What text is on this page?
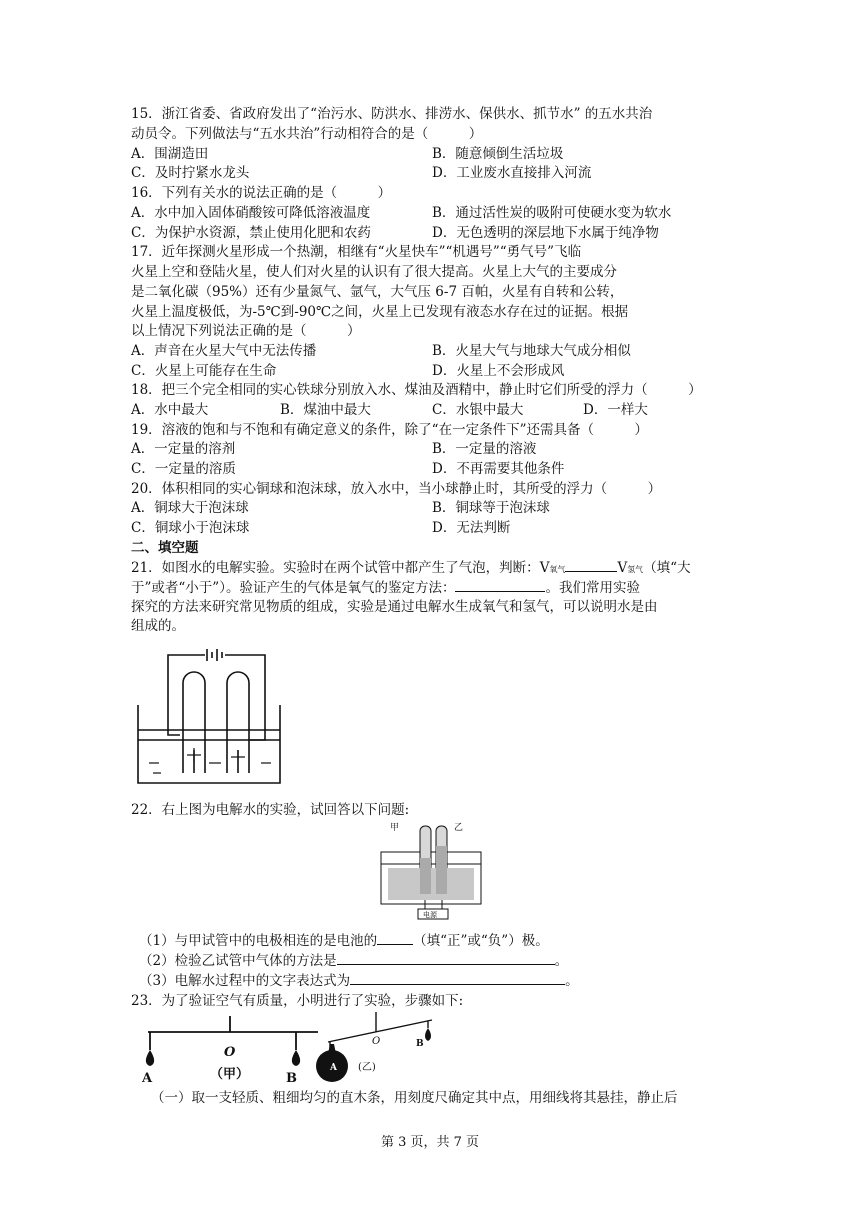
15．浙江省委、省政府发出了“治污水、防洪水、排涝水、保供水、抓节水” 的五水共治
动员令。下列做法与“五水共治”行动相符合的是（　　　）
A．围湖造田	B．随意倾倒生活垃圾
C．及时拧紧水龙头	D．工业废水直接排入河流
16．下列有关水的说法正确的是（　　　）
A．水中加入固体硝酸铵可降低溶液温度	B．通过活性炭的吸附可使硬水变为软水
C．为保护水资源，禁止使用化肥和农药	D．无色透明的深层地下水属于纯净物
17．近年探测火星形成一个热潮，相继有“火星快车”“机遇号”“勇气号”飞临
火星上空和登陆火星，使人们对火星的认识有了很大提高。火星上大气的主要成分
是二氧化碳（95%）还有少量氮气、氩气，大气压 6-7 百帕，火星有自转和公转，
火星上温度极低，为-5℃到-90℃之间，火星上已发现有液态水存在过的证据。根据
以上情况下列说法正确的是（　　　）
A．声音在火星大气中无法传播	B．火星大气与地球大气成分相似
C．火星上可能存在生命	D．火星上不会形成风
18．把三个完全相同的实心铁球分别放入水、煤油及酒精中，静止时它们所受的浮力（　　　）
A．水中最大	B．煤油中最大	C．水银中最大	D．一样大
19．溶液的饱和与不饱和有确定意义的条件，除了“在一定条件下”还需具备（　　　）
A．一定量的溶剂	B．一定量的溶液
C．一定量的溶质	D．不再需要其他条件
20．体积相同的实心铜球和泡沫球，放入水中，当小球静止时，其所受的浮力（　　　）
A．铜球大于泡沫球	B．铜球等于泡沫球
C．铜球小于泡沫球	D．无法判断
二、填空题
21．如图水的电解实验。实验时在两个试管中都产生了气泡，判断：V氧气	V氢气（填“大
于”或者“小于”）。验证产生的气体是氧气的鉴定方法：	。我们常用实验
探究的方法来研究常见物质的组成，实验是通过电解水生成氧气和氢气，可以说明水是由
组成的。
22．右上图为电解水的实验，试回答以下问题:
甲	乙
电源
（1）与甲试管中的电极相连的是电池的	（填“正”或“负”）极。
（2）检验乙试管中气体的方法是	。
（3）电解水过程中的文字表达式为	。
23．为了验证空气有质量，小明进行了实验，步骤如下:
A
O
B
（甲）	A
O	B
(乙)
（一）取一支轻质、粗细均匀的直木条，用刻度尺确定其中点，用细线将其悬挂，静止后
第 3 页，共 7 页
